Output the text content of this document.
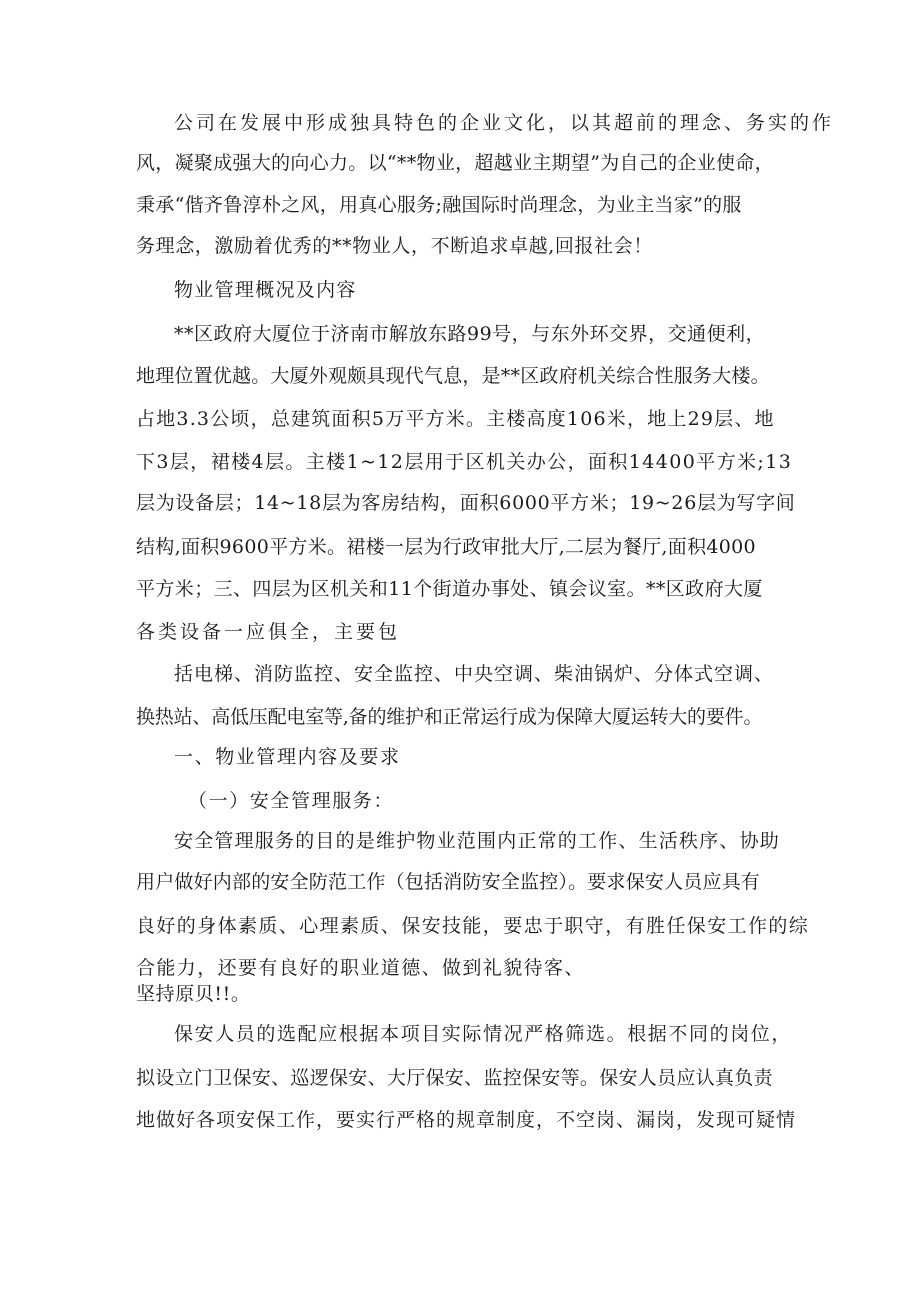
公司在发展中形成独具特色的企业文化，以其超前的理念、务实的作
风，凝聚成强大的向心力。以“**物业，超越业主期望”为自己的企业使命，
秉承“偕齐鲁淳朴之风，用真心服务;融国际时尚理念，为业主当家”的服
务理念，激励着优秀的**物业人，不断追求卓越,回报社会！
物业管理概况及内容
**区政府大厦位于济南市解放东路99号，与东外环交界，交通便利，
地理位置优越。大厦外观颇具现代气息，是**区政府机关综合性服务大楼。
占地3.3公顷，总建筑面积5万平方米。主楼高度106米，地上29层、地
下3层，裙楼4层。主楼1~12层用于区机关办公，面积14400平方米;13
层为设备层；14~18层为客房结构，面积6000平方米；19~26层为写字间
结构,面积9600平方米。裙楼一层为行政审批大厅,二层为餐厅,面积4000
平方米；三、四层为区机关和11个街道办事处、镇会议室。**区政府大厦
各类设备一应俱全，主要包
括电梯、消防监控、安全监控、中央空调、柴油锅炉、分体式空调、
换热站、高低压配电室等,备的维护和正常运行成为保障大厦运转大的要件。
一、物业管理内容及要求
（一）安全管理服务：
安全管理服务的目的是维护物业范围内正常的工作、生活秩序、协助
用户做好内部的安全防范工作（包括消防安全监控）。要求保安人员应具有
良好的身体素质、心理素质、保安技能，要忠于职守，有胜任保安工作的综
合能力，还要有良好的职业道德、做到礼貌待客、
坚持原贝!!。
保安人员的选配应根据本项目实际情况严格筛选。根据不同的岗位，
拟设立门卫保安、巡逻保安、大厅保安、监控保安等。保安人员应认真负责
地做好各项安保工作，要实行严格的规章制度，不空岗、漏岗，发现可疑情
